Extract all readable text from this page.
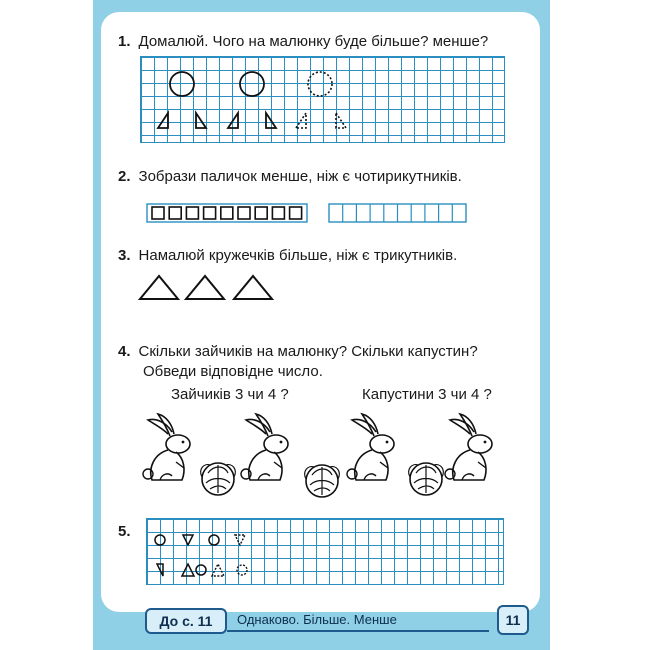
1. Домалюй. Чого на малюнку буде більше? менше?
2. Зобрази паличок менше, ніж є чотирикутників.
3. Намалюй кружечків більше, ніж є трикутників.
4. Скільки зайчиків на малюнку? Скільки капустин?
Обведи відповідне число.
Зайчиків 3 чи 4 ?	Капустини 3 чи 4 ?
5.
До с. 11	Однаково. Більше. Менше	11
